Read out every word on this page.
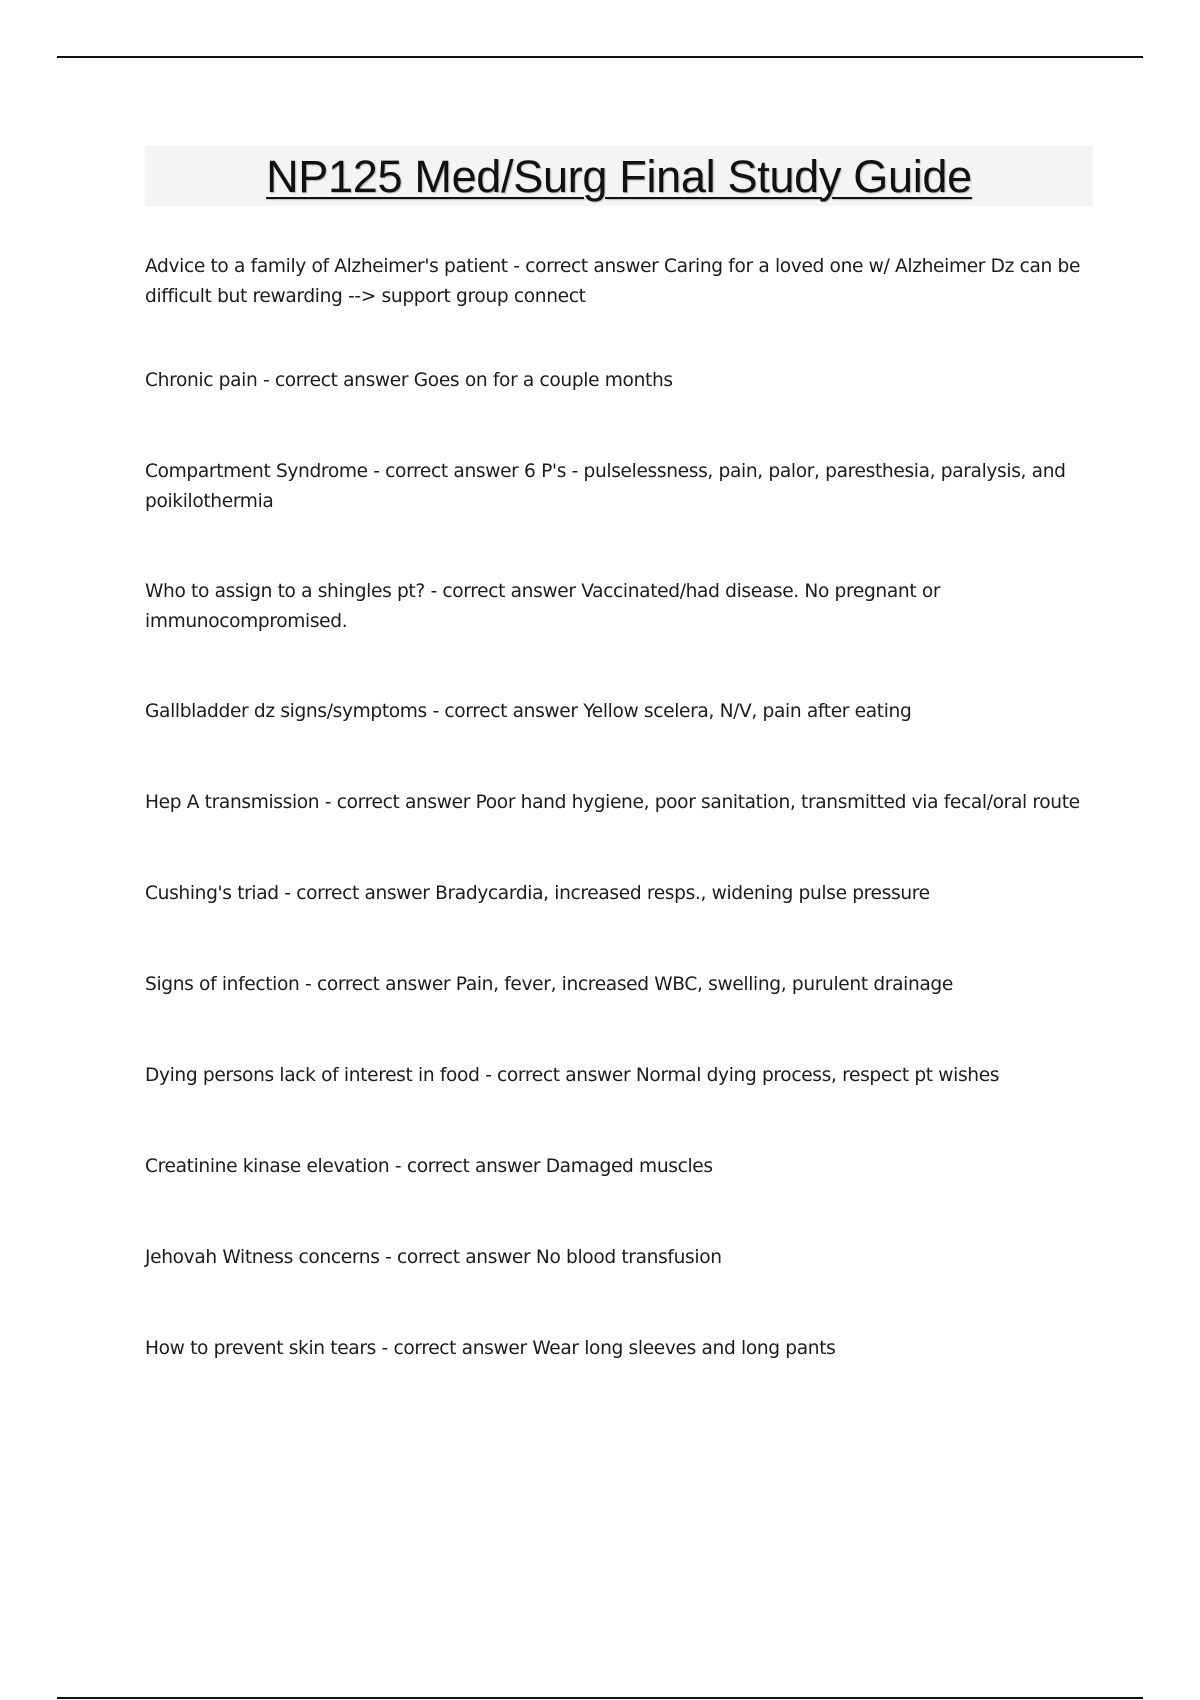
NP125 Med/Surg Final Study Guide
Advice to a family of Alzheimer's patient - correct answer Caring for a loved one w/ Alzheimer Dz can be difficult but rewarding --> support group connect
Chronic pain - correct answer Goes on for a couple months
Compartment Syndrome - correct answer 6 P's - pulselessness, pain, palor, paresthesia, paralysis, and poikilothermia
Who to assign to a shingles pt? - correct answer Vaccinated/had disease. No pregnant or immunocompromised.
Gallbladder dz signs/symptoms - correct answer Yellow scelera, N/V, pain after eating
Hep A transmission - correct answer Poor hand hygiene, poor sanitation, transmitted via fecal/oral route
Cushing's triad - correct answer Bradycardia, increased resps., widening pulse pressure
Signs of infection - correct answer Pain, fever, increased WBC, swelling, purulent drainage
Dying persons lack of interest in food - correct answer Normal dying process, respect pt wishes
Creatinine kinase elevation - correct answer Damaged muscles
Jehovah Witness concerns - correct answer No blood transfusion
How to prevent skin tears - correct answer Wear long sleeves and long pants
